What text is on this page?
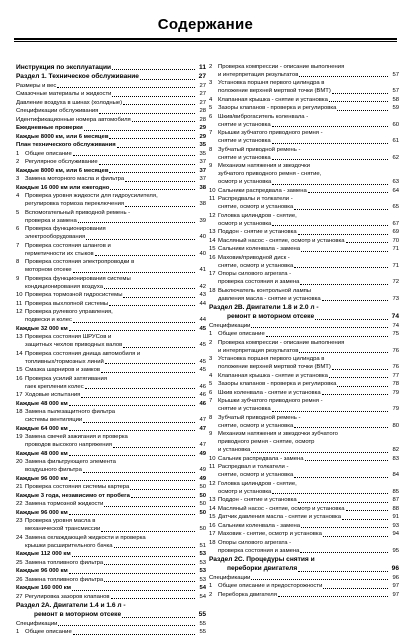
Содержание
Инструкция по эксплуатации	11
Раздел 1. Техническое обслуживание	27
Размеры и вес	27
Смазочные материалы и жидкости	27
Давление воздуха в шинах (холодные)	27
Спецификации обслуживания	28
Идентификационные номера автомобиля	28
Ежедневные проверки	29
Каждые 8000 км, или 6 месяцев	29
План технического обслуживания	35
1 Общее описание	35
2 Регулярное обслуживание	37
Каждые 8000 км, или 6 месяцев	37
3 Замена моторного масла и фильтра	37
Каждые 16 000 км или ежегодно	38
4 Проверка уровня жидкости для гидроусилителя,
регулировка тормоза переключения	38
5 Вспомогательный приводной ремень -
проверка и замена	39
6 Проверка функционирования
электрооборудования	40
7 Проверка состояния шлангов и
герметичности их стыков	40
8 Проверка состояния электропроводки в
моторном отсеке	41
9 Проверка функционирования системы
кондиционирования воздуха	42
10 Проверка тормозной гидросистемы	43
11 Проверка выхлопной системы	44
12 Проверка рулевого управления,
подвески и колес	44
Каждые 32 000 км	45
13 Проверка состояния ШРУСов и
защитных чехлов приводных валов	45
14 Проверка состояния днища автомобиля и
топливных/тормозных линий	45
15 Смазка шарниров и замков	45
16 Проверка усилий затягивания
гаек крепления колес	46
17 Ходовые испытания	46
Каждые 48 000 км	46
18 Замена пылезащитного фильтра
системы вентиляции	47
Каждые 64 000 км	47
19 Замена свечей зажигания и проверка
проводов высокого напряжения	47
Каждые 48 000 км	49
20 Замена фильтрующего элемента
воздушного фильтра	49
Каждые 96 000 км	49
21 Проверка состояния системы картера	50
Каждые 3 года, независимо от пробега	50
22 Замена тормозной жидкости	50
Каждые 96 000 км	50
23 Проверка уровня масла в
механической трансмиссии	50
24 Замена охлаждающей жидкости и проверка
крышки расширительного бачка	51
Каждые 112 000 км	53
25 Замена топливного фильтра	53
Каждые 96 000 км	53
26 Замена топливного фильтра	53
Каждые 160 000 км	54
27 Регулировка зазоров клапанов	54
Раздел 2А. Двигатели 1.4 и 1.6 л -
ремонт в моторном отсеке	55
Спецификации	55
1 Общее описание	55
2 Проверка компрессии - описание выполнения
и интерпретация результатов	57
3 Установка поршня первого цилиндра в
положение верхней мертвой точки (ВМТ)	57
4 Клапанная крышка - снятие и установка	58
5 Зазоры клапанов - проверка и регулировка	59
6 Шкив/виброгаситель коленвала -
снятие и установка	60
7 Крышки зубчатого приводного ремня -
снятие и установка	61
8 Зубчатый приводной ремень -
снятие и установка	62
9 Механизм натяжения и звездочки
зубчатого приводного ремня - снятие,
осмотр и установка	63
10 Сальники распредвала - замена	64
11 Распредвалы и толкатели -
снятие, осмотр и установка	65
12 Головка цилиндров - снятие,
осмотр и установка	67
13 Поддон - снятие и установка	69
14 Масляный насос - снятие, осмотр и установка	70
15 Сальники коленвала - замена	71
16 Маховик/приводной диск -
снятие, осмотр и установка	71
17 Опоры силового агрегата -
проверка состояния и замена	72
18 Выключатель контрольной лампы
давления масла - снятие и установка	73
Раздел 2В. Двигатели 1.8 и 2.0 л -
ремонт в моторном отсеке	74
Спецификации	74
1 Общее описание	75
2 Проверка компрессии - описание выполнения
и интерпретация результатов	76
3 Установка поршня первого цилиндра в
положение верхней мертвой точки (ВМТ)	76
4 Клапанная крышка - снятие и установка	77
5 Зазоры клапанов - проверка и регулировка	78
6 Шкив коленвала - снятие и установка	79
7 Крышки зубчатого приводного ремня -
снятие и установка	79
8 Зубчатый приводной ремень -
снятие, осмотр и установка	80
9 Механизм натяжения и звездочки зубчатого
приводного ремня - снятие, осмотр
и установка	82
10 Сальник распредвала - замена	83
11 Распредвал и толкатели -
снятие, осмотр и установка	84
12 Головка цилиндров - снятие,
осмотр и установка	85
13 Поддон - снятие и установка	87
14 Масляный насос - снятие, осмотр и установка	88
15 Датчик давления масла - снятие и установка	91
16 Сальники коленвала - замена	93
17 Маховик - снятие, осмотр и установка	94
18 Опоры силового агрегата -
проверка состояния и замена	95
Раздел 2С. Процедуры снятия и
переборки двигателя	96
Спецификации	96
1 Общее описание и предосторожности	97
2 Переборка двигателя	97
